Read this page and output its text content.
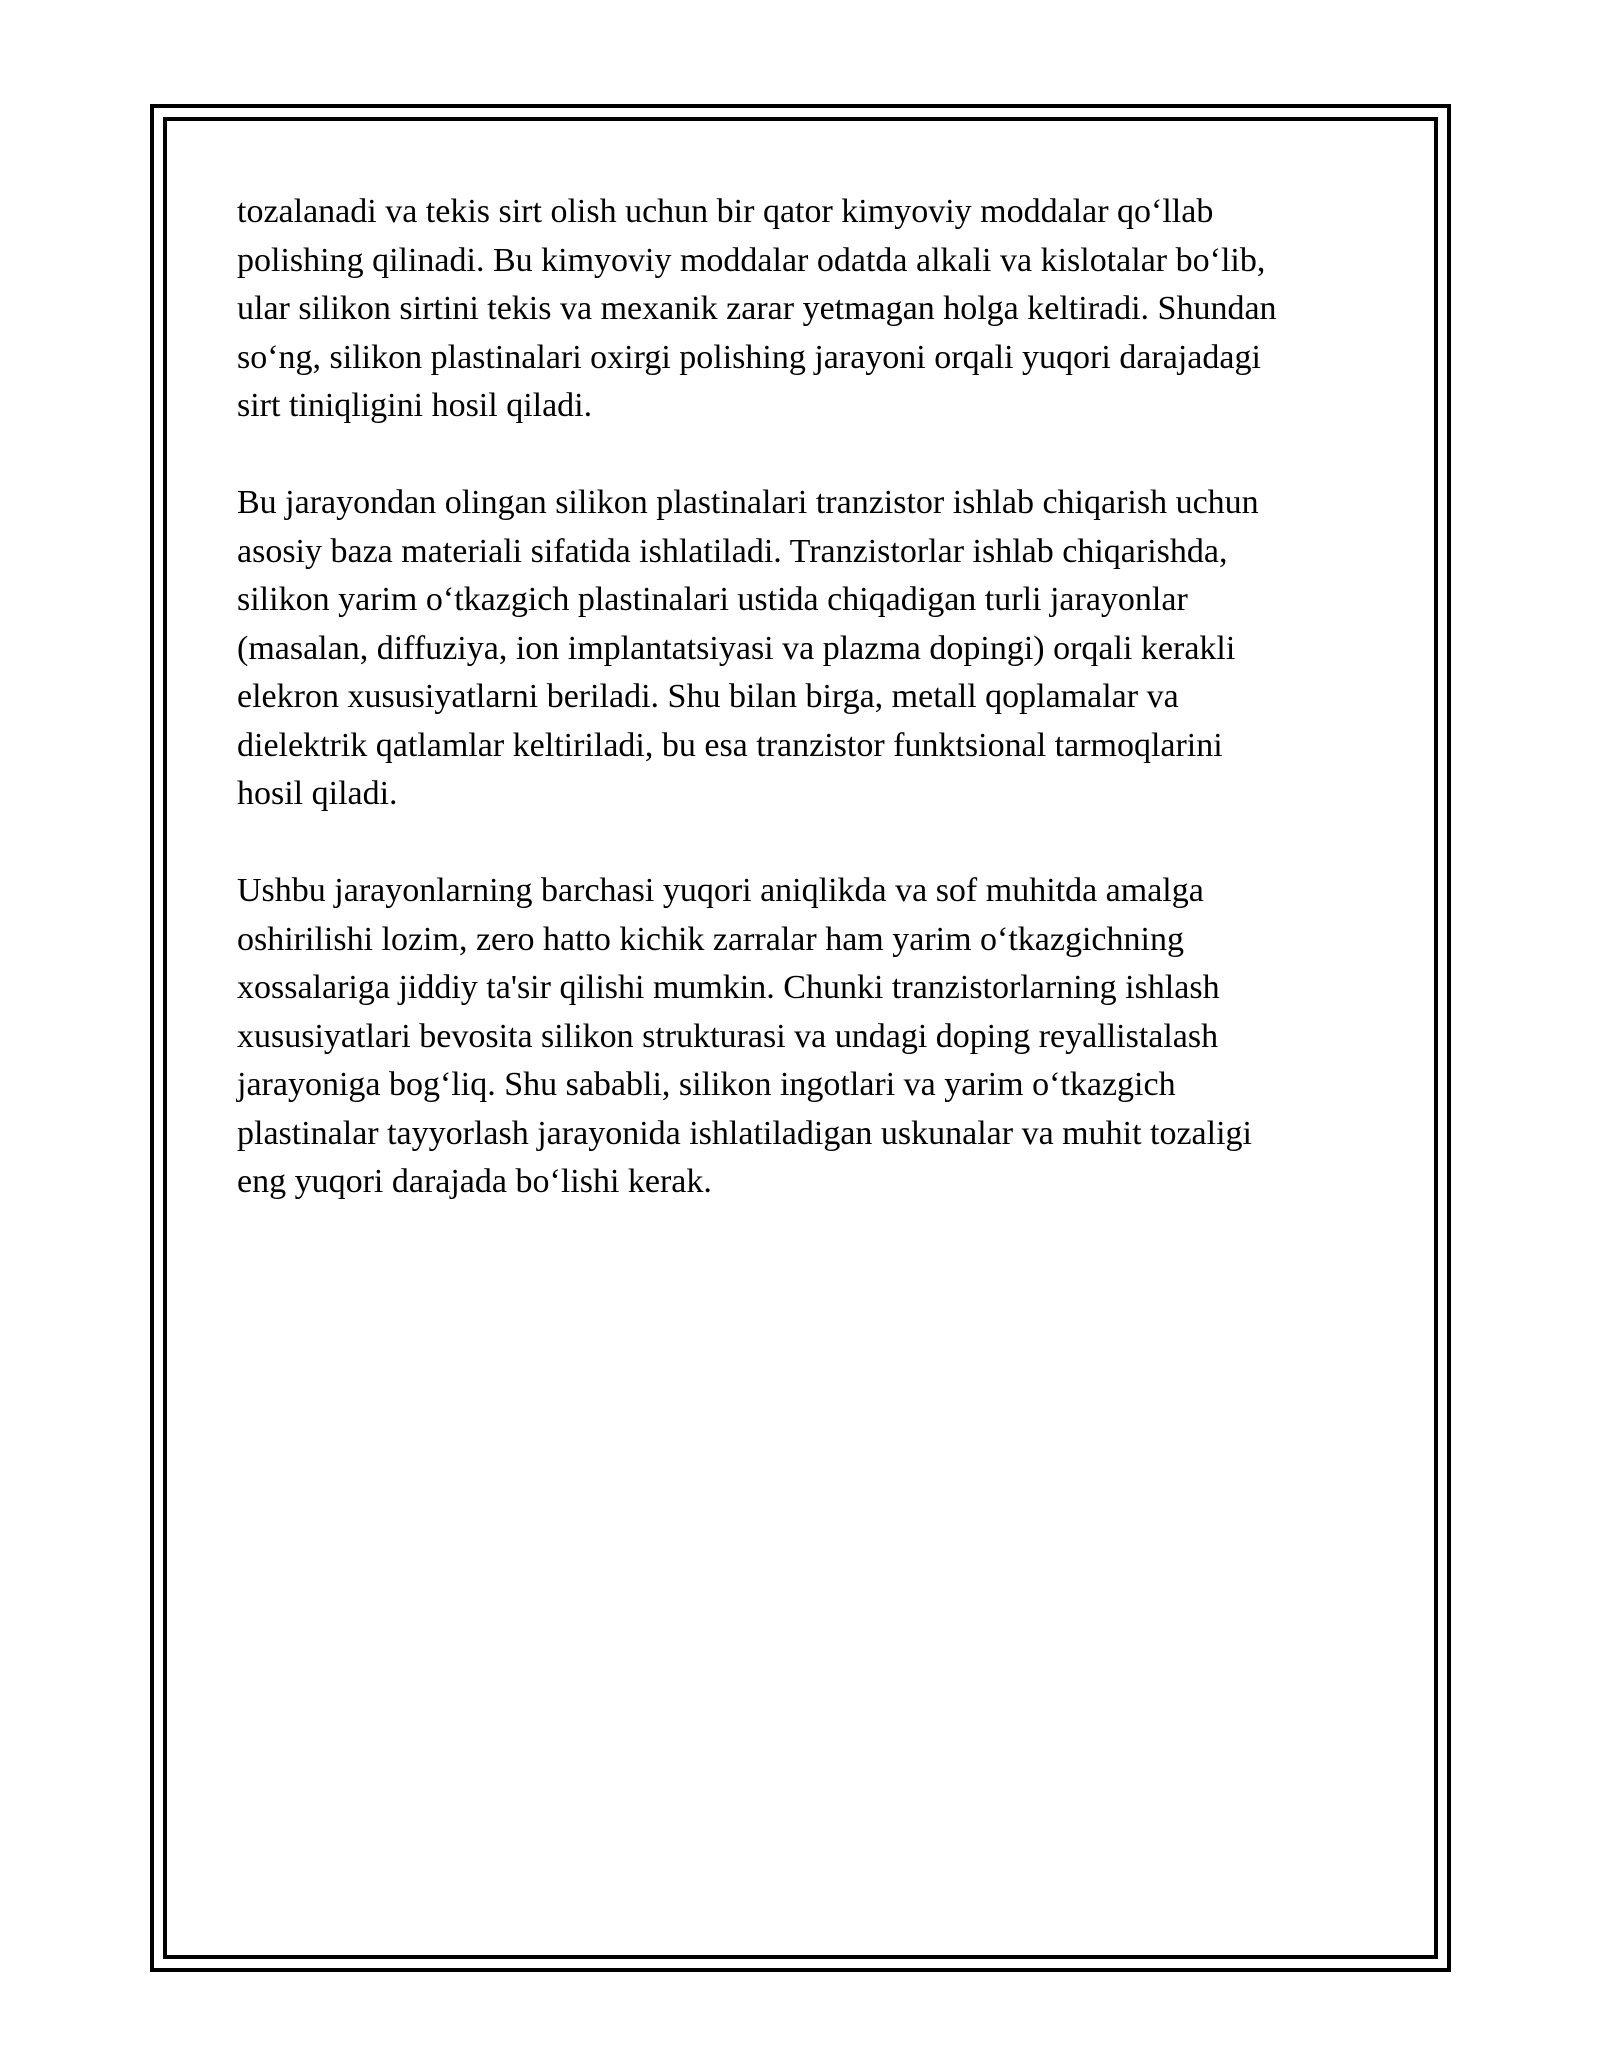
tozalanadi va tekis sirt olish uchun bir qator kimyoviy moddalar qo‘llab
polishing qilinadi. Bu kimyoviy moddalar odatda alkali va kislotalar bo‘lib,
ular silikon sirtini tekis va mexanik zarar yetmagan holga keltiradi. Shundan
so‘ng, silikon plastinalari oxirgi polishing jarayoni orqali yuqori darajadagi
sirt tiniqligini hosil qiladi.

Bu jarayondan olingan silikon plastinalari tranzistor ishlab chiqarish uchun
asosiy baza materiali sifatida ishlatiladi. Tranzistorlar ishlab chiqarishda,
silikon yarim o‘tkazgich plastinalari ustida chiqadigan turli jarayonlar
(masalan, diffuziya, ion implantatsiyasi va plazma dopingi) orqali kerakli
elekron xususiyatlarni beriladi. Shu bilan birga, metall qoplamalar va
dielektrik qatlamlar keltiriladi, bu esa tranzistor funktsional tarmoqlarini
hosil qiladi.

Ushbu jarayonlarning barchasi yuqori aniqlikda va sof muhitda amalga
oshirilishi lozim, zero hatto kichik zarralar ham yarim o‘tkazgichning
xossalariga jiddiy ta'sir qilishi mumkin. Chunki tranzistorlarning ishlash
xususiyatlari bevosita silikon strukturasi va undagi doping reyallistalash
jarayoniga bog‘liq. Shu sababli, silikon ingotlari va yarim o‘tkazgich
plastinalar tayyorlash jarayonida ishlatiladigan uskunalar va muhit tozaligi
eng yuqori darajada bo‘lishi kerak.
